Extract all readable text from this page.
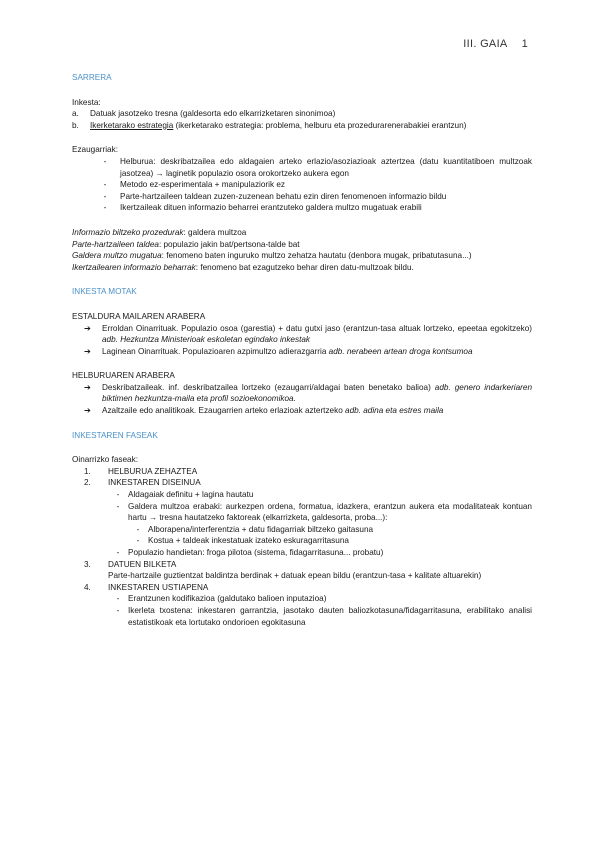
III. GAIA 1

SARRERA

Inkesta:

a.	Datuak jasotzeko tresna (galdesorta edo elkarrizketaren sinonimoa)
b.	Ikerketarako estrategia (ikerketarako estrategia: problema, helburu eta prozedurarenerabakiei erantzun)

Ezaugarriak:

-	Helburua: deskribatzailea edo aldagaien arteko erlazio/asoziazioak aztertzea (datu kuantitatiboen multzoak jasotzea) → laginetik populazio osora orokortzeko aukera egon
-	Metodo ez-esperimentala + manipulaziorik ez
-	Parte-hartzaileen taldean zuzen-zuzenean behatu ezin diren fenomenoen informazio bildu
-	Ikertzaileak dituen informazio beharrei erantzuteko galdera multzo mugatuak erabili

Informazio biltzeko prozedurak: galdera multzoa

Parte-hartzaileen taldea: populazio jakin bat/pertsona-talde bat

Galdera multzo mugatua: fenomeno baten inguruko multzo zehatza hautatu (denbora mugak, pribatutasuna...)

Ikertzailearen informazio beharrak: fenomeno bat ezagutzeko behar diren datu-multzoak bildu.

INKESTA MOTAK

ESTALDURA MAILAREN ARABERA

➔	Erroldan Oinarrituak. Populazio osoa (garestia) + datu gutxi jaso (erantzun-tasa altuak lortzeko, epeetaa egokitzeko) adb. Hezkuntza Ministerioak eskoletan egindako inkestak
➔	Laginean Oinarrituak. Populazioaren azpimultzo adierazgarria adb. nerabeen artean droga kontsumoa

HELBURUAREN ARABERA

➔	Deskribatzaileak. inf. deskribatzailea lortzeko (ezaugarri/aldagai baten benetako balioa) adb. genero indarkeriaren biktimen hezkuntza-maila eta profil sozioekonomikoa.
➔	Azaltzaile edo analitikoak. Ezaugarrien arteko erlazioak aztertzeko adb. adina eta estres maila

INKESTAREN FASEAK

Oinarrizko faseak:

1.	HELBURUA ZEHAZTEA
2.	INKESTAREN DISEINUA
-	Aldagaiak definitu + lagina hautatu
-	Galdera multzoa erabaki: aurkezpen ordena, formatua, idazkera, erantzun aukera eta modalitateak kontuan hartu → tresna hautatzeko faktoreak (elkarrizketa, galdesorta, proba...):
-	Alborapena/interferentzia + datu fidagarriak biltzeko gaitasuna
-	Kostua + taldeak inkestatuak izateko eskuragarritasuna
-	Populazio handietan: froga pilotoa (sistema, fidagarritasuna... probatu)
3.	DATUEN BILKETA

Parte-hartzaile guztientzat baldintza berdinak + datuak epean bildu (erantzun-tasa + kalitate altuarekin)

4.	INKESTAREN USTIAPENA
-	Erantzunen kodifikazioa (galdutako balioen inputazioa)
-	Ikerleta txostena: inkestaren garrantzia, jasotako dauten baliozkotasuna/fidagarritasuna, erabilitako analisi estatistikoak eta lortutako ondorioen egokitasuna
